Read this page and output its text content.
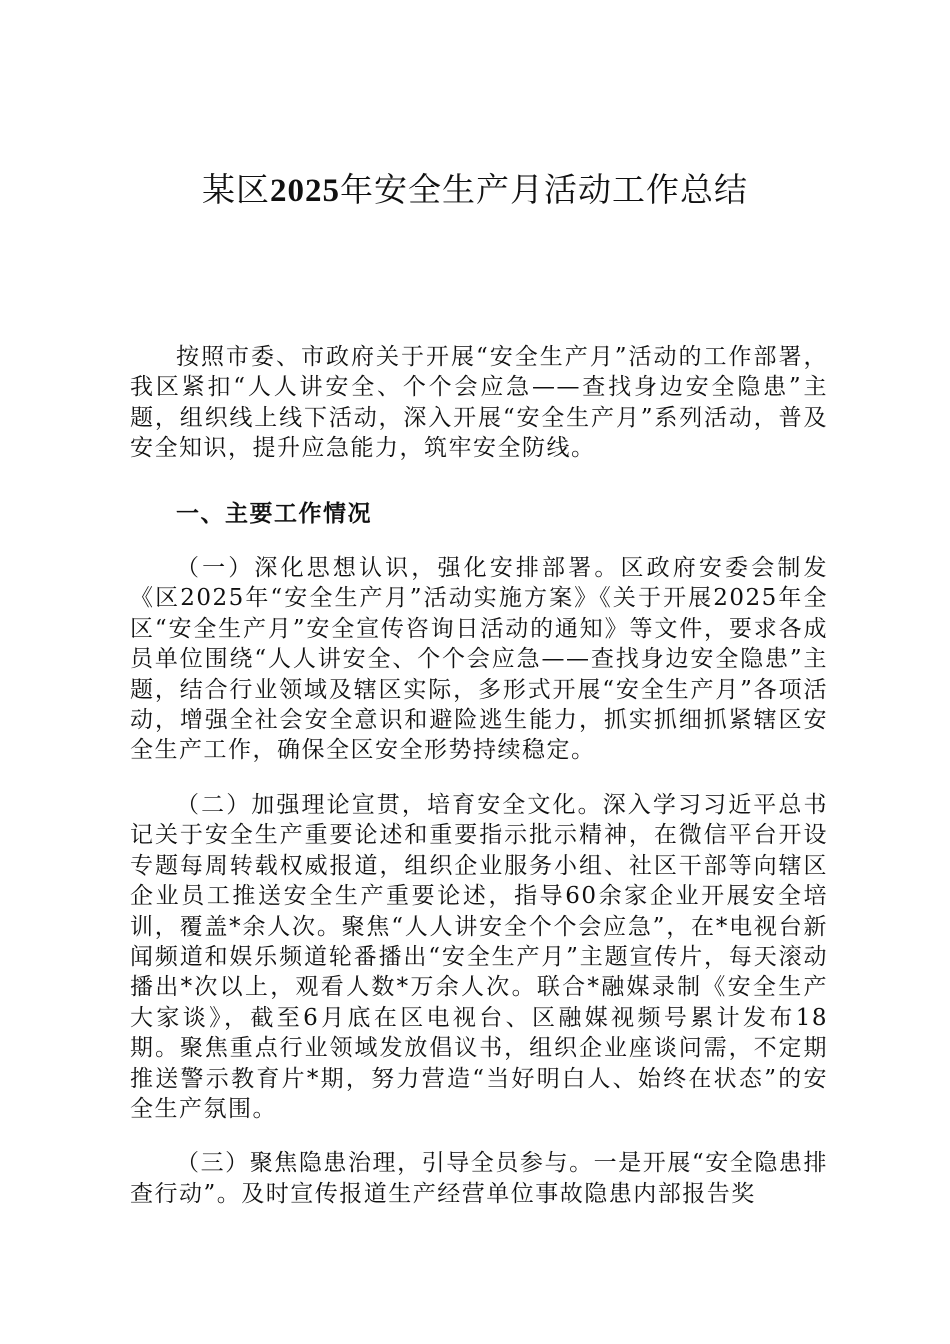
某区2025年安全生产月活动工作总结

按照市委、市政府关于开展“安全生产月”活动的工作部署，我区紧扣“人人讲安全、个个会应急——查找身边安全隐患”主题，组织线上线下活动，深入开展“安全生产月”系列活动，普及安全知识，提升应急能力，筑牢安全防线。

一、主要工作情况

（一）深化思想认识，强化安排部署。区政府安委会制发《区2025年“安全生产月”活动实施方案》《关于开展2025年全区“安全生产月”安全宣传咨询日活动的通知》等文件，要求各成员单位围绕“人人讲安全、个个会应急——查找身边安全隐患”主题，结合行业领域及辖区实际，多形式开展“安全生产月”各项活动，增强全社会安全意识和避险逃生能力，抓实抓细抓紧辖区安全生产工作，确保全区安全形势持续稳定。

（二）加强理论宣贯，培育安全文化。深入学习习近平总书记关于安全生产重要论述和重要指示批示精神，在微信平台开设专题每周转载权威报道，组织企业服务小组、社区干部等向辖区企业员工推送安全生产重要论述，指导60余家企业开展安全培训，覆盖*余人次。聚焦“人人讲安全个个会应急”，在*电视台新闻频道和娱乐频道轮番播出“安全生产月”主题宣传片，每天滚动播出*次以上，观看人数*万余人次。联合*融媒录制《安全生产大家谈》，截至6月底在区电视台、区融媒视频号累计发布18期。聚焦重点行业领域发放倡议书，组织企业座谈问需，不定期推送警示教育片*期，努力营造“当好明白人、始终在状态”的安全生产氛围。

（三）聚焦隐患治理，引导全员参与。一是开展“安全隐患排查行动”。及时宣传报道生产经营单位事故隐患内部报告奖
